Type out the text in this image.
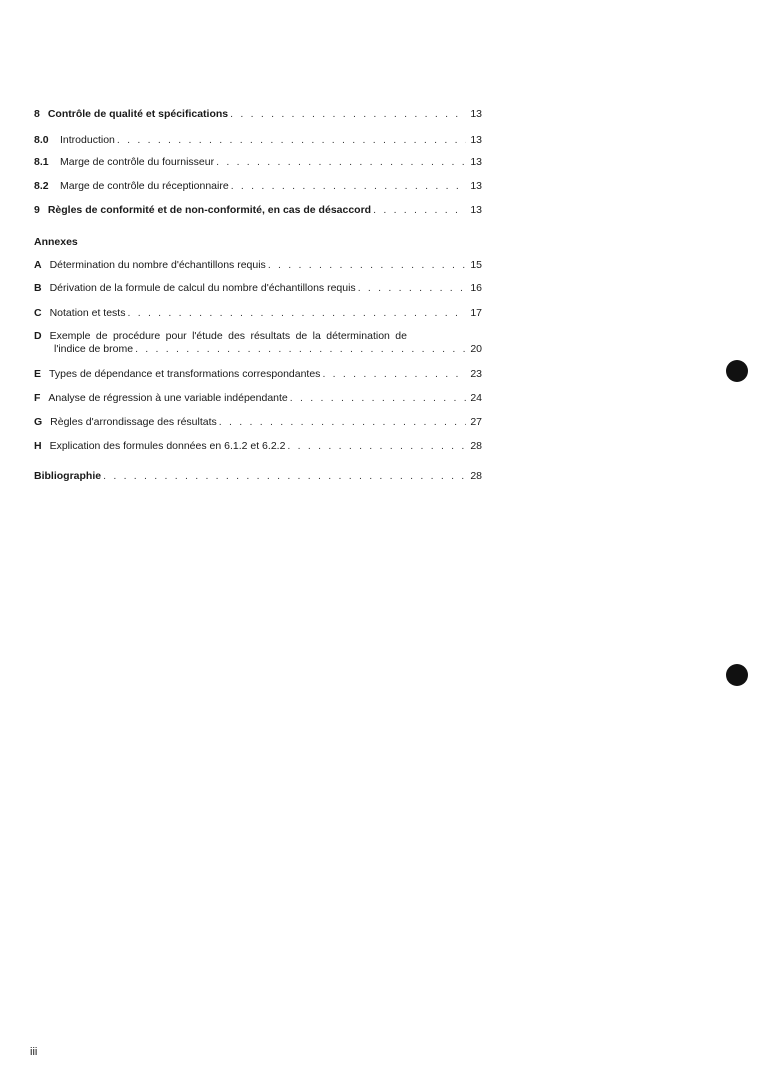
8 Contrôle de qualité et spécifications . . .	13
8.0	Introduction . . .	13
8.1	Marge de contrôle du fournisseur . . .	13
8.2	Marge de contrôle du réceptionnaire . . .	13
9 Règles de conformité et de non-conformité, en cas de désaccord . . .	13
Annexes
A Détermination du nombre d'échantillons requis . . .	15
B Dérivation de la formule de calcul du nombre d'échantillons requis . . .	16
C Notation et tests . . .	17
D Exemple de procédure pour l'étude des résultats de la détermination de
l'indice de brome . . .	20
E Types de dépendance et transformations correspondantes . . .	23
F Analyse de régression à une variable indépendante . . .	24
G Règles d'arrondissage des résultats . . .	27
H Explication des formules données en 6.1.2 et 6.2.2 . . .	28
Bibliographie . . .	28
iii
